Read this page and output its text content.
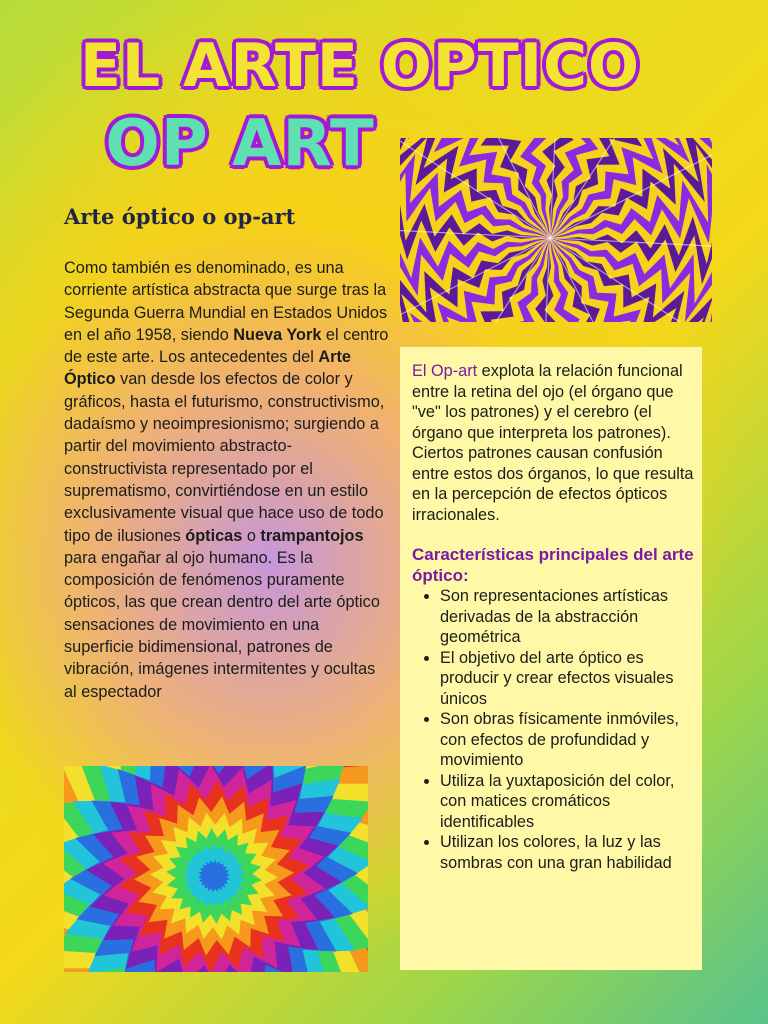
EL ARTE OPTICO
OP ART
Arte óptico o op-art
Como también es denominado, es una corriente artística abstracta que surge tras la Segunda Guerra Mundial en Estados Unidos en el año 1958, siendo Nueva York el centro de este arte. Los antecedentes del Arte Óptico van desde los efectos de color y gráficos, hasta el futurismo, constructivismo, dadaísmo y neoimpresionismo; surgiendo a partir del movimiento abstracto-constructivista representado por el suprematismo, convirtiéndose en un estilo exclusivamente visual que hace uso de todo tipo de ilusiones ópticas o trampantojos para engañar al ojo humano. Es la composición de fenómenos puramente ópticos, las que crean dentro del arte óptico sensaciones de movimiento en una superficie bidimensional, patrones de vibración, imágenes intermitentes y ocultas al espectador

El Op-art explota la relación funcional entre la retina del ojo (el órgano que "ve" los patrones) y el cerebro (el órgano que interpreta los patrones). Ciertos patrones causan confusión entre estos dos órganos, lo que resulta en la percepción de efectos ópticos irracionales.

Características principales del arte óptico:
• Son representaciones artísticas derivadas de la abstracción geométrica
• El objetivo del arte óptico es producir y crear efectos visuales únicos
• Son obras físicamente inmóviles, con efectos de profundidad y movimiento
• Utiliza la yuxtaposición del color, con matices cromáticos identificables
• Utilizan los colores, la luz y las sombras con una gran habilidad
